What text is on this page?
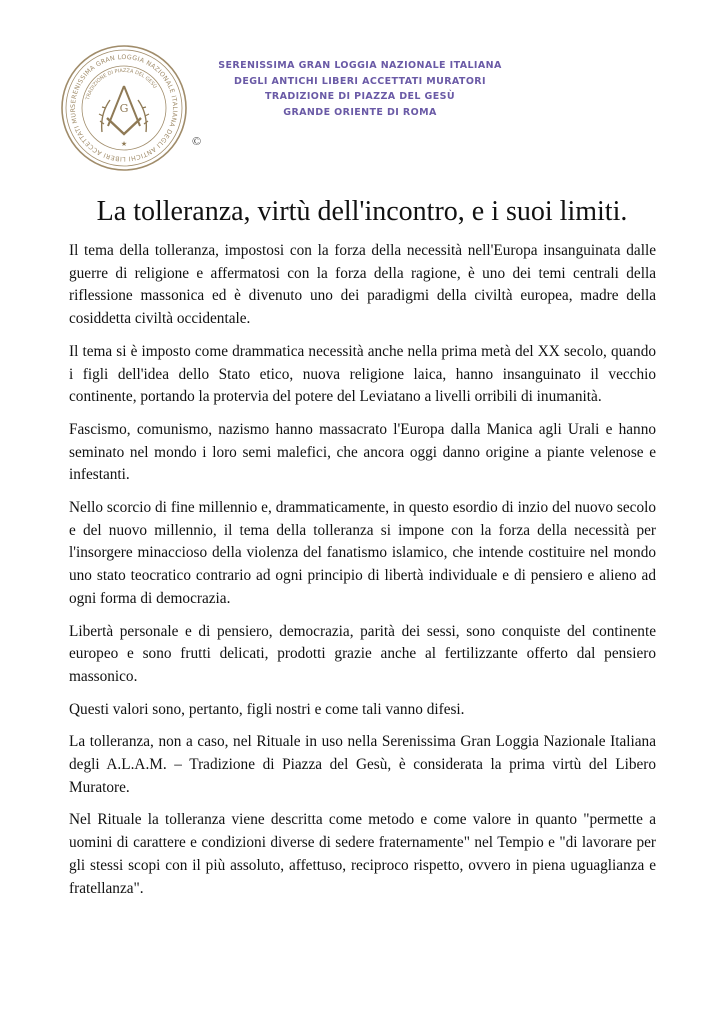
SERENISSIMA GRAN LOGGIA NAZIONALE ITALIANA DEGLI ANTICHI LIBERI ACCETTATI MUR
TRADIZIONE DI PIAZZA DEL GESÙ
G
★	©
SERENISSIMA GRAN LOGGIA NAZIONALE ITALIANA
DEGLI ANTICHI LIBERI ACCETTATI MURATORI
TRADIZIONE DI PIAZZA DEL GESÙ
GRANDE ORIENTE DI ROMA
La tolleranza, virtù dell'incontro, e i suoi limiti.

Il tema della tolleranza, impostosi con la forza della necessità nell'Europa insanguinata dalle guerre di religione e affermatosi con la forza della ragione, è uno dei temi centrali della riflessione massonica ed è divenuto uno dei paradigmi della civiltà europea, madre della cosiddetta civiltà occidentale.

Il tema si è imposto come drammatica necessità anche nella prima metà del XX secolo, quando i figli dell'idea dello Stato etico, nuova religione laica, hanno insanguinato il vecchio continente, portando la protervia del potere del Leviatano a livelli orribili di inumanità.

Fascismo, comunismo, nazismo hanno massacrato l'Europa dalla Manica agli Urali e hanno seminato nel mondo i loro semi malefici, che ancora oggi danno origine a piante velenose e infestanti.

Nello scorcio di fine millennio e, drammaticamente, in questo esordio di inzio del nuovo secolo e del nuovo millennio, il tema della tolleranza si impone con la forza della necessità per l'insorgere minaccioso della violenza del fanatismo islamico, che intende costituire nel mondo uno stato teocratico contrario ad ogni principio di libertà individuale e di pensiero e alieno ad ogni forma di democrazia.

Libertà personale e di pensiero, democrazia, parità dei sessi, sono conquiste del continente europeo e sono frutti delicati, prodotti grazie anche al fertilizzante offerto dal pensiero massonico.

Questi valori sono, pertanto, figli nostri e come tali vanno difesi.

La tolleranza, non a caso, nel Rituale in uso nella Serenissima Gran Loggia Nazionale Italiana degli A.L.A.M. – Tradizione di Piazza del Gesù, è considerata la prima virtù del Libero Muratore.

Nel Rituale la tolleranza viene descritta come metodo e come valore in quanto "permette a uomini di carattere e condizioni diverse di sedere fraternamente" nel Tempio e "di lavorare per gli stessi scopi con il più assoluto, affettuso, reciproco rispetto, ovvero in piena uguaglianza e fratellanza".
